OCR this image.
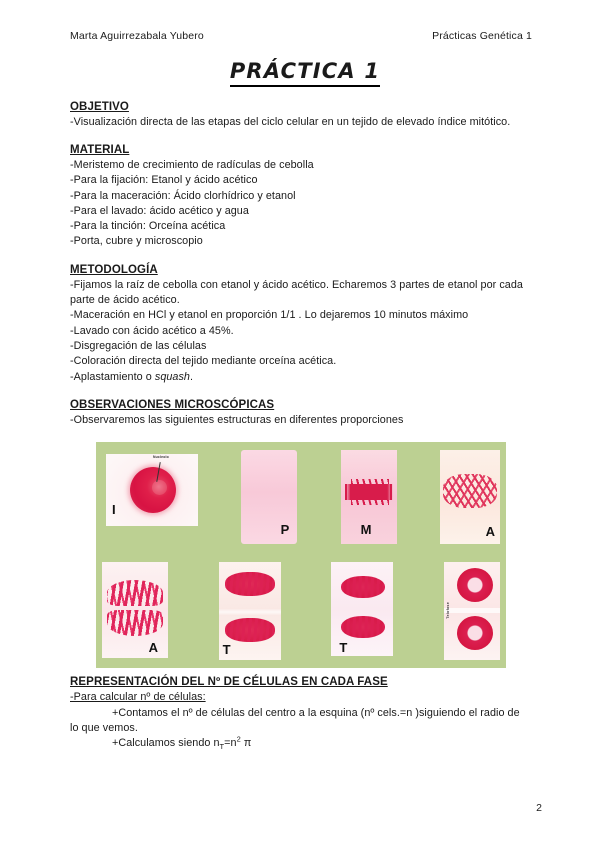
Marta Aguirrezabala Yubero	Prácticas Genética 1
PRÁCTICA 1
OBJETIVO
-Visualización directa de las etapas del ciclo celular en un tejido de elevado índice mitótico.
MATERIAL
-Meristemo de crecimiento de radículas de cebolla
-Para la fijación: Etanol y ácido acético
-Para la maceración: Ácido clorhídrico y etanol
-Para el lavado: ácido acético y agua
-Para la tinción: Orceína acética
-Porta, cubre y microscopio
METODOLOGÍA
-Fijamos la raíz de cebolla con etanol y ácido acético. Echaremos 3 partes de etanol por cada parte de ácido acético.
-Maceración en HCl y etanol en proporción 1/1 . Lo dejaremos 10 minutos máximo
-Lavado con ácido acético a 45%.
-Disgregación de las células
-Coloración directa del tejido mediante orceína acética.
-Aplastamiento o squash.
OBSERVACIONES MICROSCÓPICAS
-Observaremos las siguientes estructuras en diferentes proporciones
Nucleolo
I
P	M	A
A	T	T
Telofase
REPRESENTACIÓN DEL Nº DE CÉLULAS EN CADA FASE
-Para calcular nº de células:
+Contamos el nº de células del centro a la esquina (nº cels.=n )siguiendo el radio de
lo que vemos.
+Calculamos siendo $n_T=n^2$ π
2
